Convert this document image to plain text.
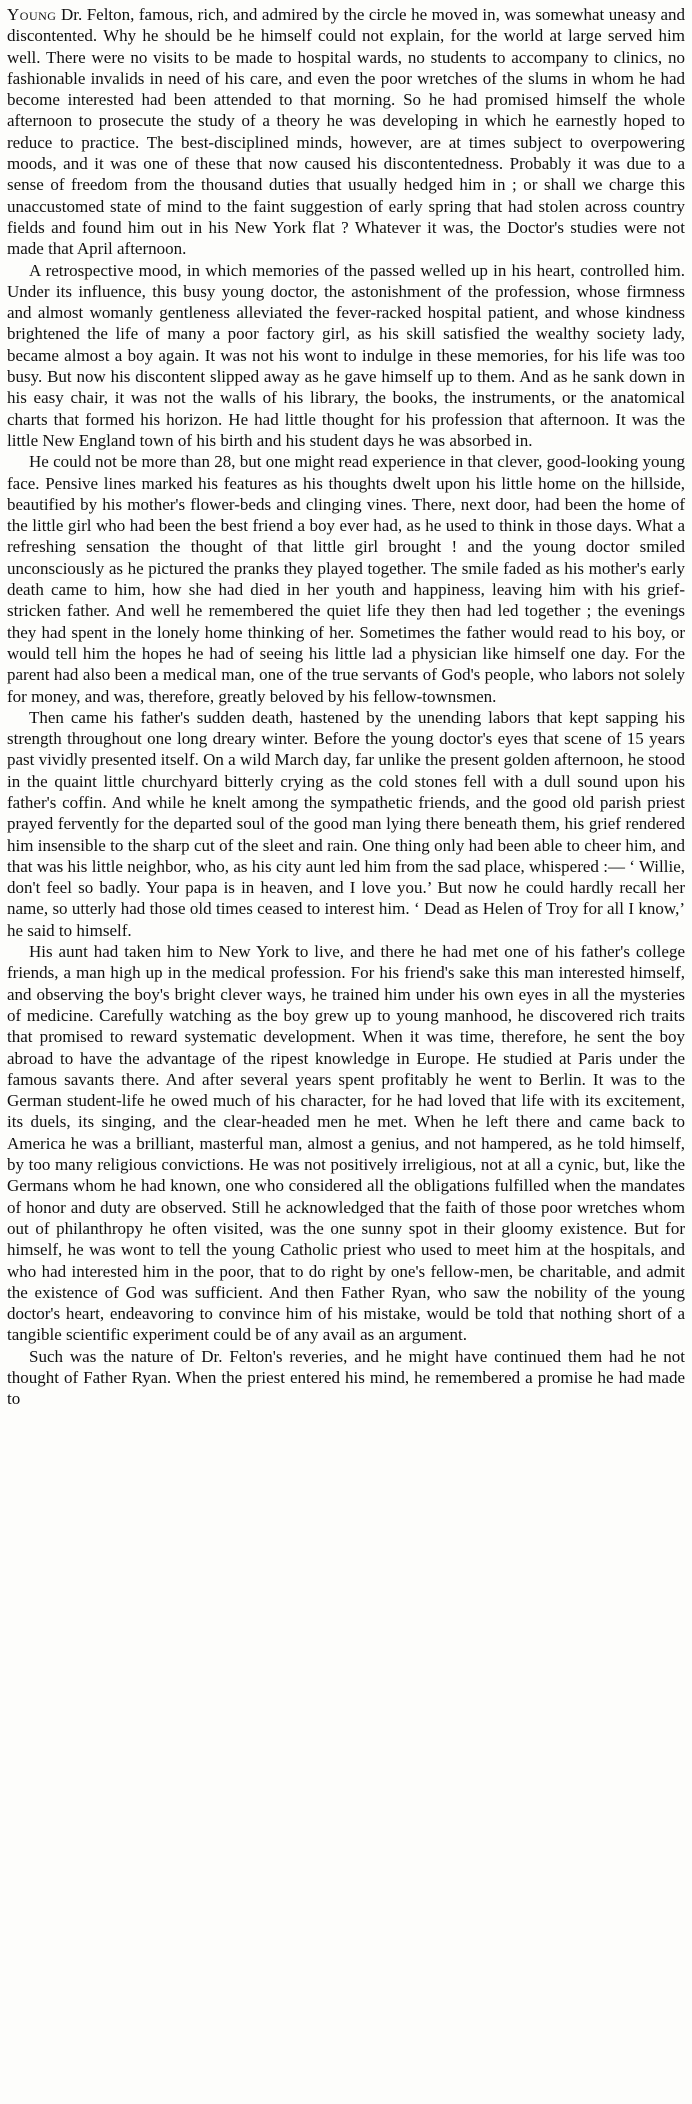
Young Dr. Felton, famous, rich, and admired by the circle he moved in, was somewhat uneasy and discontented. Why he should be he himself could not explain, for the world at large served him well. There were no visits to be made to hospital wards, no students to accompany to clinics, no fashionable invalids in need of his care, and even the poor wretches of the slums in whom he had become interested had been attended to that morning. So he had promised himself the whole afternoon to prosecute the study of a theory he was developing in which he earnestly hoped to reduce to practice. The best-disciplined minds, however, are at times subject to overpowering moods, and it was one of these that now caused his discontentedness. Probably it was due to a sense of freedom from the thousand duties that usually hedged him in ; or shall we charge this unaccustomed state of mind to the faint suggestion of early spring that had stolen across country fields and found him out in his New York flat ? Whatever it was, the Doctor's studies were not made that April afternoon.

A retrospective mood, in which memories of the passed welled up in his heart, controlled him. Under its influence, this busy young doctor, the astonishment of the profession, whose firmness and almost womanly gentleness alleviated the fever-racked hospital patient, and whose kindness brightened the life of many a poor factory girl, as his skill satisfied the wealthy society lady, became almost a boy again. It was not his wont to indulge in these memories, for his life was too busy. But now his discontent slipped away as he gave himself up to them. And as he sank down in his easy chair, it was not the walls of his library, the books, the instruments, or the anatomical charts that formed his horizon. He had little thought for his profession that afternoon. It was the little New England town of his birth and his student days he was absorbed in.

He could not be more than 28, but one might read experience in that clever, good-looking young face. Pensive lines marked his features as his thoughts dwelt upon his little home on the hillside, beautified by his mother's flower-beds and clinging vines. There, next door, had been the home of the little girl who had been the best friend a boy ever had, as he used to think in those days. What a refreshing sensation the thought of that little girl brought ! and the young doctor smiled unconsciously as he pictured the pranks they played together. The smile faded as his mother's early death came to him, how she had died in her youth and happiness, leaving him with his grief-stricken father. And well he remembered the quiet life they then had led together ; the evenings they had spent in the lonely home thinking of her. Sometimes the father would read to his boy, or would tell him the hopes he had of seeing his little lad a physician like himself one day. For the parent had also been a medical man, one of the true servants of God's people, who labors not solely for money, and was, therefore, greatly beloved by his fellow-townsmen.

Then came his father's sudden death, hastened by the unending labors that kept sapping his strength throughout one long dreary winter. Before the young doctor's eyes that scene of 15 years past vividly presented itself. On a wild March day, far unlike the present golden afternoon, he stood in the quaint little churchyard bitterly crying as the cold stones fell with a dull sound upon his father's coffin. And while he knelt among the sympathetic friends, and the good old parish priest prayed fervently for the departed soul of the good man lying there beneath them, his grief rendered him insensible to the sharp cut of the sleet and rain. One thing only had been able to cheer him, and that was his little neighbor, who, as his city aunt led him from the sad place, whispered :— ‘ Willie, don't feel so badly. Your papa is in heaven, and I love you.’ But now he could hardly recall her name, so utterly had those old times ceased to interest him. ‘ Dead as Helen of Troy for all I know,’ he said to himself.

His aunt had taken him to New York to live, and there he had met one of his father's college friends, a man high up in the medical profession. For his friend's sake this man interested himself, and observing the boy's bright clever ways, he trained him under his own eyes in all the mysteries of medicine. Carefully watching as the boy grew up to young manhood, he discovered rich traits that promised to reward systematic development. When it was time, therefore, he sent the boy abroad to have the advantage of the ripest knowledge in Europe. He studied at Paris under the famous savants there. And after several years spent profitably he went to Berlin. It was to the German student-life he owed much of his character, for he had loved that life with its excitement, its duels, its singing, and the clear-headed men he met. When he left there and came back to America he was a brilliant, masterful man, almost a genius, and not hampered, as he told himself, by too many religious convictions. He was not positively irreligious, not at all a cynic, but, like the Germans whom he had known, one who considered all the obligations fulfilled when the mandates of honor and duty are observed. Still he acknowledged that the faith of those poor wretches whom out of philanthropy he often visited, was the one sunny spot in their gloomy existence. But for himself, he was wont to tell the young Catholic priest who used to meet him at the hospitals, and who had interested him in the poor, that to do right by one's fellow-men, be charitable, and admit the existence of God was sufficient. And then Father Ryan, who saw the nobility of the young doctor's heart, endeavoring to convince him of his mistake, would be told that nothing short of a tangible scientific experiment could be of any avail as an argument.

Such was the nature of Dr. Felton's reveries, and he might have continued them had he not thought of Father Ryan. When the priest entered his mind, he remembered a promise he had made to
